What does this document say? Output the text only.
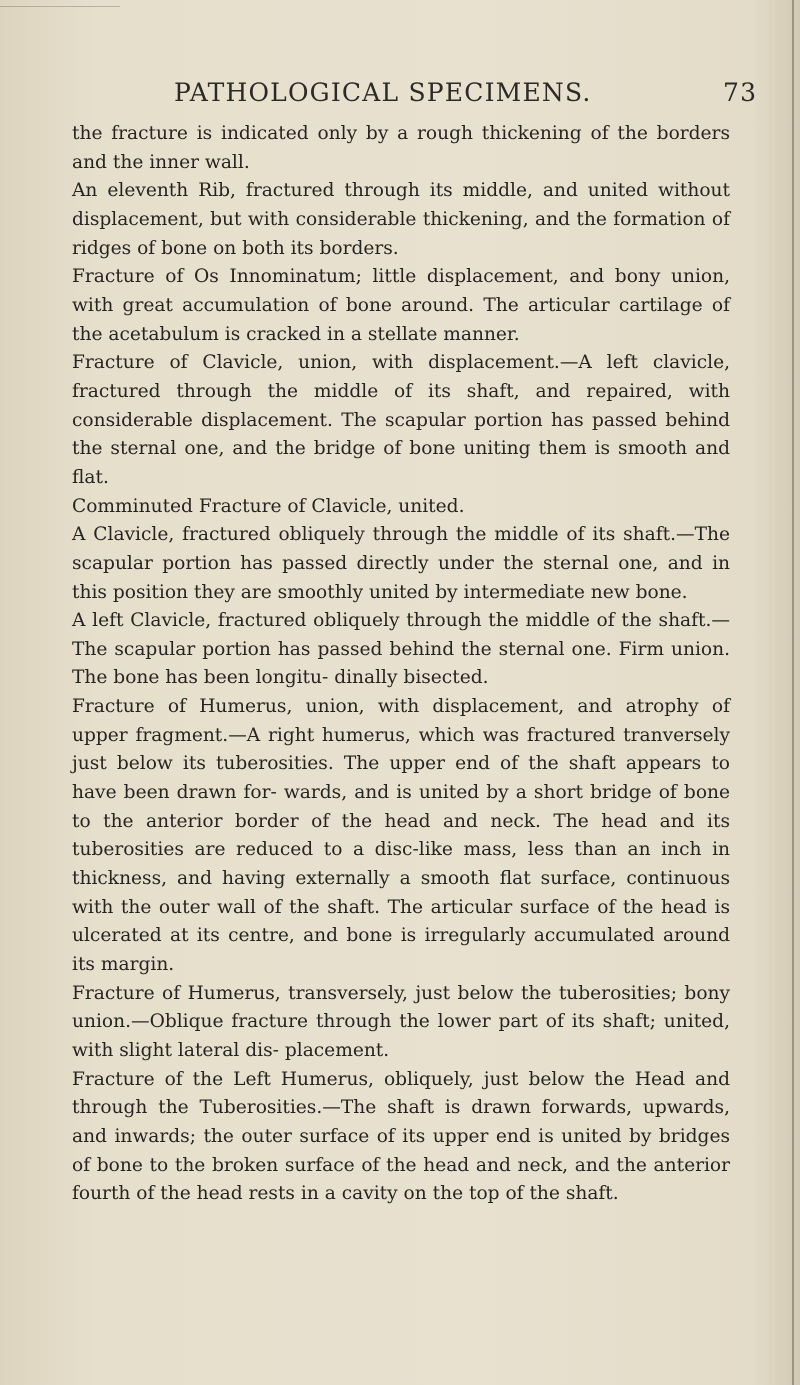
PATHOLOGICAL SPECIMENS.	73

the fracture is indicated only by a rough thickening of the borders and the inner wall.

An eleventh Rib, fractured through its middle, and united without displacement, but with considerable thickening, and the formation of ridges of bone on both its borders.

Fracture of Os Innominatum; little displacement, and bony union, with great accumulation of bone around. The articular cartilage of the acetabulum is cracked in a stellate manner.

Fracture of Clavicle, union, with displacement.—A left clavicle, fractured through the middle of its shaft, and repaired, with considerable displacement. The scapular portion has passed behind the sternal one, and the bridge of bone uniting them is smooth and flat.

Comminuted Fracture of Clavicle, united.

A Clavicle, fractured obliquely through the middle of its shaft.—The scapular portion has passed directly under the sternal one, and in this position they are smoothly united by intermediate new bone.

A left Clavicle, fractured obliquely through the middle of the shaft.—The scapular portion has passed behind the sternal one. Firm union. The bone has been longitu- dinally bisected.

Fracture of Humerus, union, with displacement, and atrophy of upper fragment.—A right humerus, which was fractured tranversely just below its tuberosities. The upper end of the shaft appears to have been drawn for- wards, and is united by a short bridge of bone to the anterior border of the head and neck. The head and its tuberosities are reduced to a disc-like mass, less than an inch in thickness, and having externally a smooth flat surface, continuous with the outer wall of the shaft. The articular surface of the head is ulcerated at its centre, and bone is irregularly accumulated around its margin.

Fracture of Humerus, transversely, just below the tuberosities; bony union.—Oblique fracture through the lower part of its shaft; united, with slight lateral dis- placement.

Fracture of the Left Humerus, obliquely, just below the Head and through the Tuberosities.—The shaft is drawn forwards, upwards, and inwards; the outer surface of its upper end is united by bridges of bone to the broken surface of the head and neck, and the anterior fourth of the head rests in a cavity on the top of the shaft.
